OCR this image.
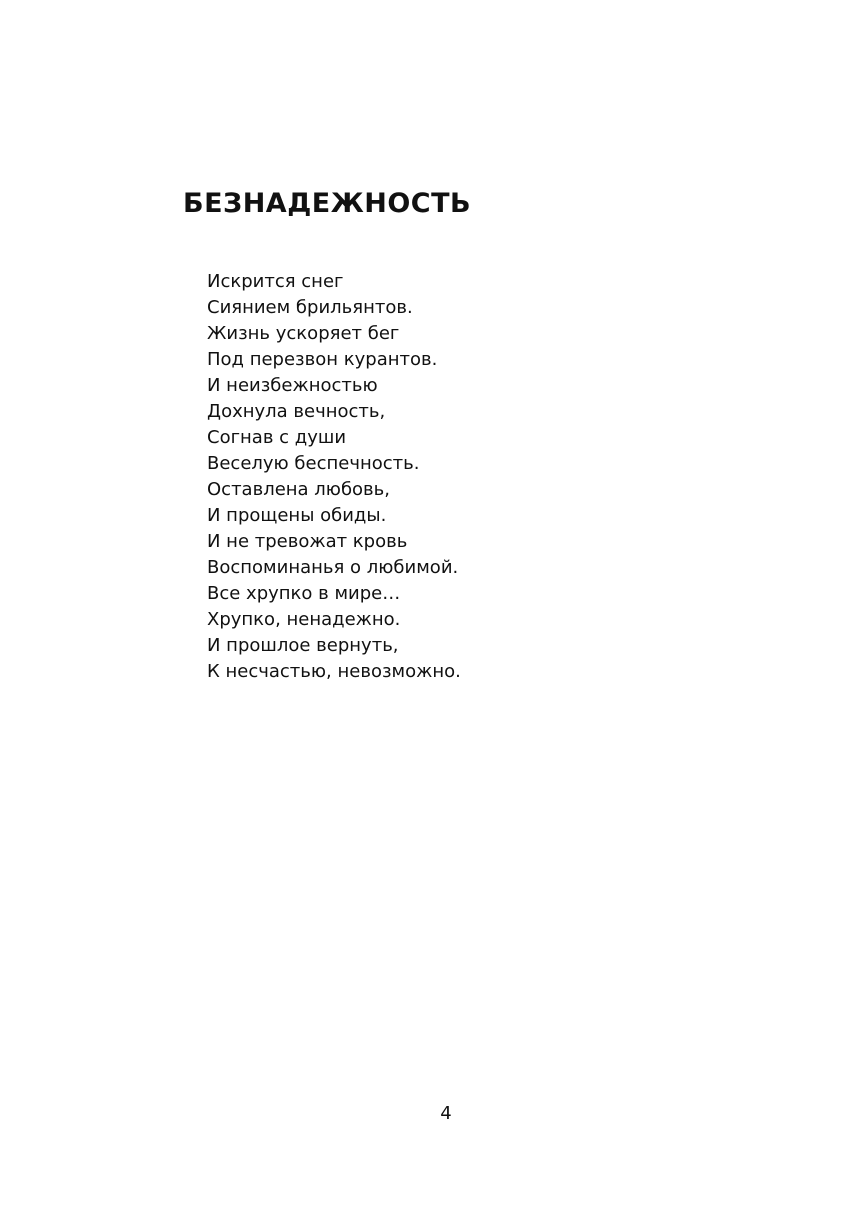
БЕЗНАДЕЖНОСТЬ
Искрится снег
Сиянием брильянтов.
Жизнь ускоряет бег
Под перезвон курантов.
И неизбежностью
Дохнула вечность,
Согнав с души
Веселую беспечность.
Оставлена любовь,
И прощены обиды.
И не тревожат кровь
Воспоминанья о любимой.
Все хрупко в мире…
Хрупко, ненадежно.
И прошлое вернуть,
К несчастью, невозможно.
4
